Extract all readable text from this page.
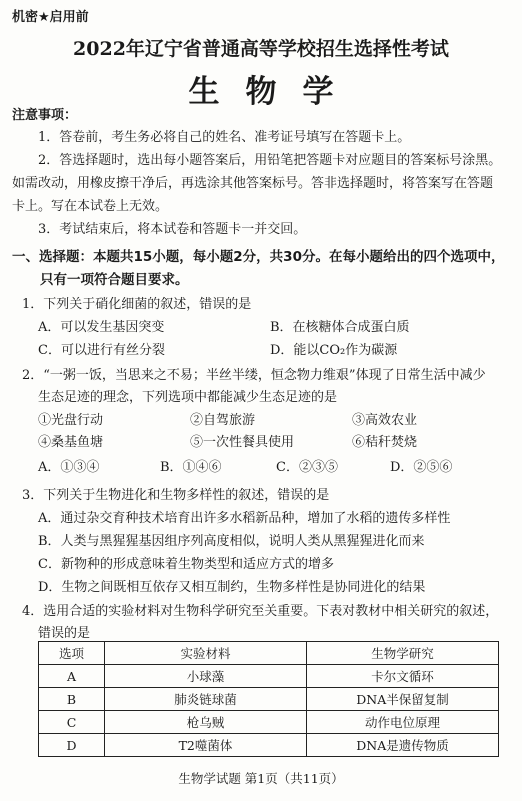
机密★启用前
2022年辽宁省普通高等学校招生选择性考试
生物学
注意事项：
1．答卷前，考生务必将自己的姓名、准考证号填写在答题卡上。
2．答选择题时，选出每小题答案后，用铅笔把答题卡对应题目的答案标号涂黑。
如需改动，用橡皮擦干净后，再选涂其他答案标号。答非选择题时，将答案写在答题
卡上。写在本试卷上无效。
3．考试结束后，将本试卷和答题卡一并交回。
一、选择题：本题共15小题，每小题2分，共30分。在每小题给出的四个选项中，
只有一项符合题目要求。
1．下列关于硝化细菌的叙述，错误的是
A．可以发生基因突变	B．在核糖体合成蛋白质
C．可以进行有丝分裂	D．能以CO₂作为碳源
2．“一粥一饭，当思来之不易；半丝半缕，恒念物力维艰”体现了日常生活中减少
生态足迹的理念，下列选项中都能减少生态足迹的是
①光盘行动	②自驾旅游	③高效农业
④桑基鱼塘	⑤一次性餐具使用	⑥秸秆焚烧
A．①③④	B．①④⑥	C．②③⑤	D．②⑤⑥
3．下列关于生物进化和生物多样性的叙述，错误的是
A．通过杂交育种技术培育出许多水稻新品种，增加了水稻的遗传多样性
B．人类与黑猩猩基因组序列高度相似，说明人类从黑猩猩进化而来
C．新物种的形成意味着生物类型和适应方式的增多
D．生物之间既相互依存又相互制约，生物多样性是协同进化的结果
4．选用合适的实验材料对生物科学研究至关重要。下表对教材中相关研究的叙述，
错误的是
选项	实验材料	生物学研究
A	小球藻	卡尔文循环
B	肺炎链球菌	DNA半保留复制
C	枪乌贼	动作电位原理
D	T2噬菌体	DNA是遗传物质
生物学试题 第1页（共11页）
